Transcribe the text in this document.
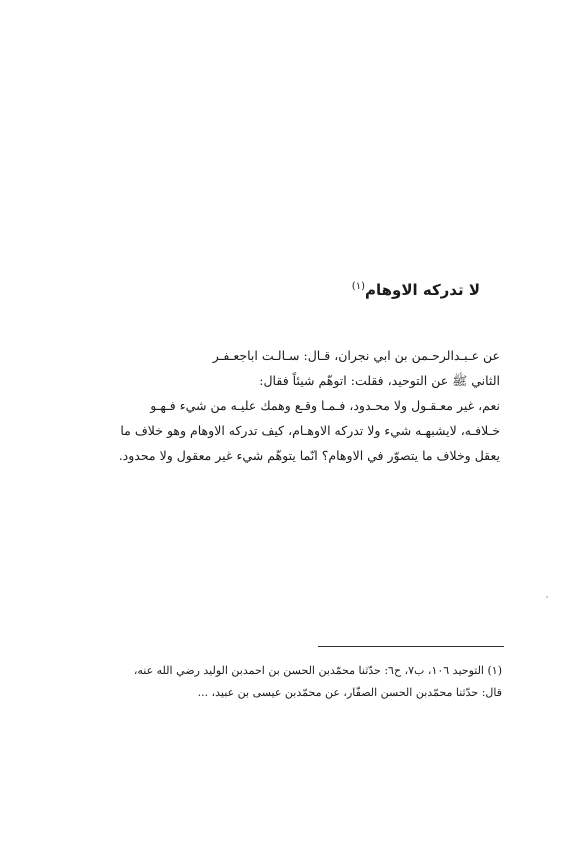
لا تدركه الاوهام$^{(١)}$
عن عـبـدالرحـمن بن ابي نجران، قـال: سـالـت اباجعـفـر
الثاني ﷺ عن التوحيد، فقلت: اتوهّم شيئاً فقال:
نعم، غير معـقـول ولا محـدود، فـمـا وقـع وهمك عليـه من شيء فـهـو
خـلافـه، لايشبهـه شيء ولا تدركه الاوهـام، كيف تدركه الاوهام وهو خلاف ما
يعقل وخلاف ما يتصوّر في الاوهام؟ انّما يتوهّم شيء غير معقول ولا محدود.
(١) التوحيد ١٠٦، ب٧، ح٦: حدّثنا محمّدبن الحسن بن احمدبن الوليد رضي الله عنه،
قال: حدّثنا محمّدبن الحسن الصفّار، عن محمّدبن عيسى بن عبيد، ...
